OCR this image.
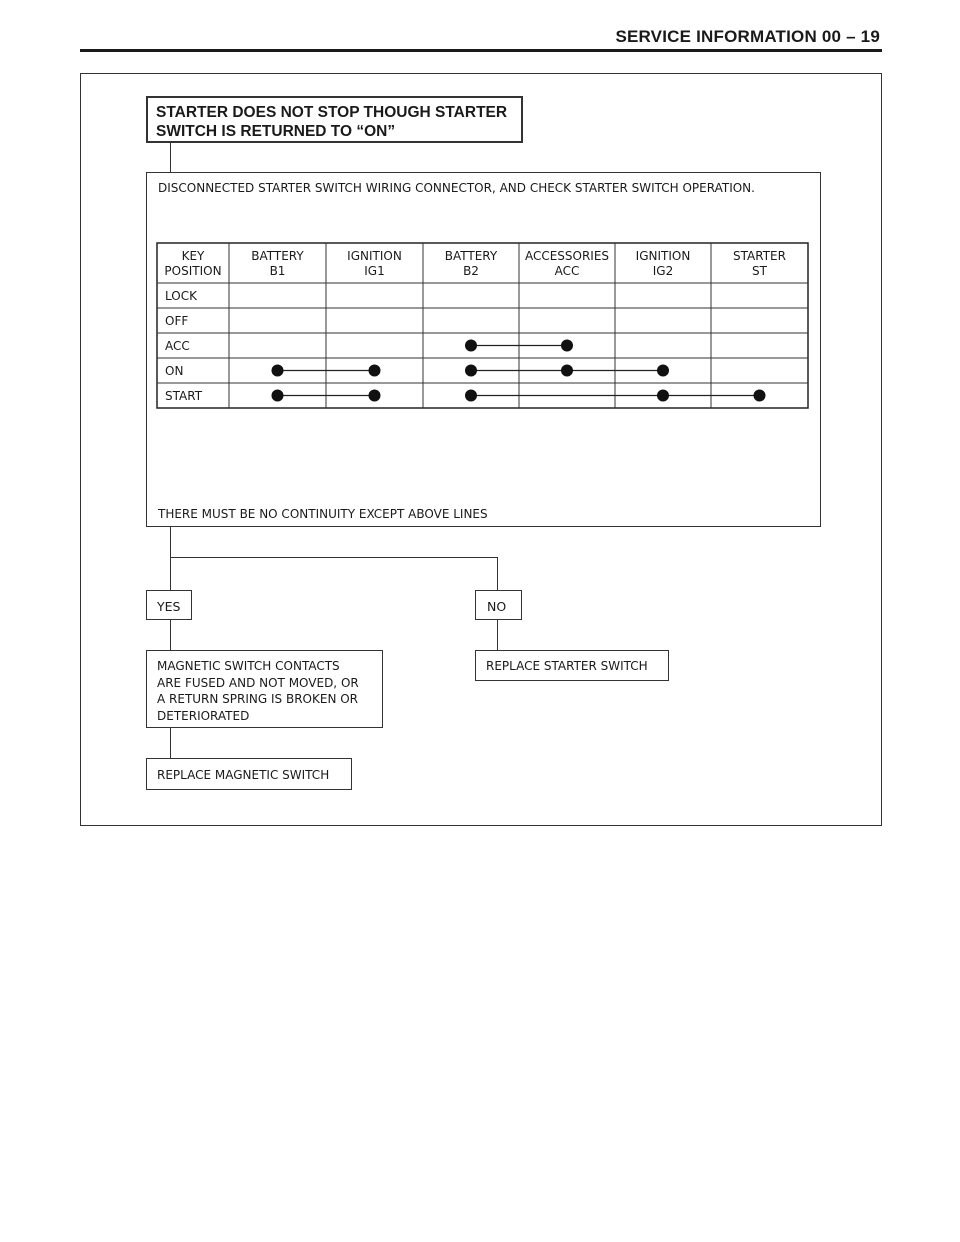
SERVICE INFORMATION 00 – 19
STARTER DOES NOT STOP THOUGH STARTER
SWITCH IS RETURNED TO “ON”
DISCONNECTED STARTER SWITCH WIRING CONNECTOR, AND CHECK STARTER SWITCH OPERATION.
THERE MUST BE NO CONTINUITY EXCEPT ABOVE LINES
KEY
POSITION
BATTERY
B1
IGNITION
IG1
BATTERY
B2
ACCESSORIES
ACC
IGNITION
IG2
STARTER
ST
LOCK
OFF
ACC
ON
START
YES	NO
MAGNETIC SWITCH CONTACTS
ARE FUSED AND NOT MOVED, OR
A RETURN SPRING IS BROKEN OR
DETERIORATED
REPLACE STARTER SWITCH
REPLACE MAGNETIC SWITCH
